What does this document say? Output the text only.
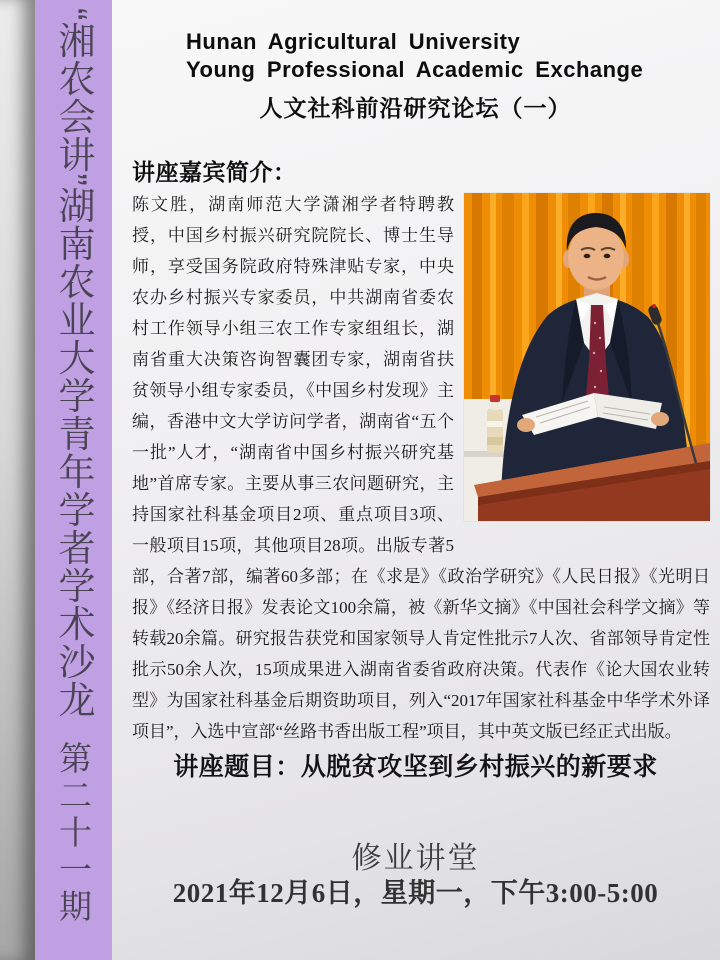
“湘农会讲”湖南农业大学青年学者学术沙龙
第二十一期
Hunan Agricultural University
Young Professional Academic Exchange
人文社科前沿研究论坛（一）
讲座嘉宾简介：
陈文胜，湖南师范大学潇湘学者特聘教授，中国乡村振兴研究院院长、博士生导师，享受国务院政府特殊津贴专家，中央农办乡村振兴专家委员，中共湖南省委农村工作领导小组三农工作专家组组长，湖南省重大决策咨询智囊团专家，湖南省扶贫领导小组专家委员，《中国乡村发现》主编，香港中文大学访问学者，湖南省“五个一批”人才，“湖南省中国乡村振兴研究基地”首席专家。主要从事三农问题研究，主持国家社科基金项目2项、重点项目3项、一般项目15项，其他项目28项。出版专著5部，合著7部，编著60多部；在《求是》《政治学研究》《人民日报》《光明日报》《经济日报》发表论文100余篇，被《新华文摘》《中国社会科学文摘》等转载20余篇。研究报告获党和国家领导人肯定性批示7人次、省部领导肯定性批示50余人次，15项成果进入湖南省委省政府决策。代表作《论大国农业转型》为国家社科基金后期资助项目，列入“2017年国家社科基金中华学术外译项目”，入选中宣部“丝路书香出版工程”项目，其中英文版已经正式出版。
讲座题目：从脱贫攻坚到乡村振兴的新要求
修业讲堂
2021年12月6日，星期一，下午3:00-5:00
